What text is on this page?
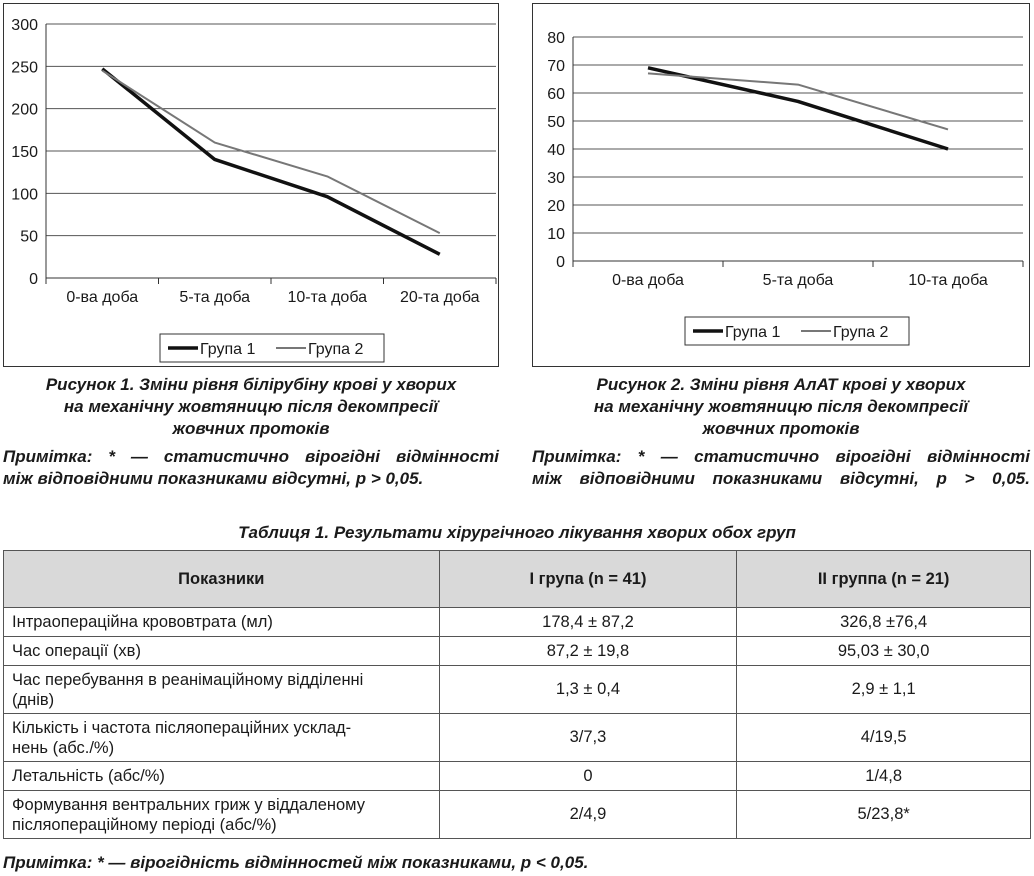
0
50
100
150
200
250
300
0-ва доба	5-та доба 10-та доба 20-та доба
Група 1	Група 2
0
10
20
30
40
50
60
70
80
0-ва доба	5-та доба	10-та доба
Група 1	Група 2
Рисунок 1. Зміни рівня білірубіну крові у хворих
на механічну жовтяницю після декомпресії
жовчних протоків
Примітка: * — статистично вірогідні відмінності
між відповідними показниками відсутні, р > 0,05.
Рисунок 2. Зміни рівня АлАТ крові у хворих
на механічну жовтяницю після декомпресії
жовчних протоків
Примітка: * — статистично вірогідні відмінності
між відповідними показниками відсутні, р > 0,05.
Таблиця 1. Результати хірургічного лікування хворих обох груп
Показники	І група (n = 41)	ІІ группа (n = 21)

Інтраопераційна крововтрата (мл)	178,4 ± 87,2	326,8 ±76,4

Час операції (хв)	87,2 ± 19,8	95,03 ± 30,0

Час перебування в реанімаційному відділенні
(днів)	1,3 ± 0,4	2,9 ± 1,1

Кількість і частота післяопераційних усклад-
нень (абс./%)	3/7,3	4/19,5

Летальність (абс/%)	0	1/4,8

Формування вентральних гриж у віддаленому
післяопераційному періоді (абс/%)	2/4,9	5/23,8*
Примітка: * — вірогідність відмінностей між показниками, р < 0,05.
